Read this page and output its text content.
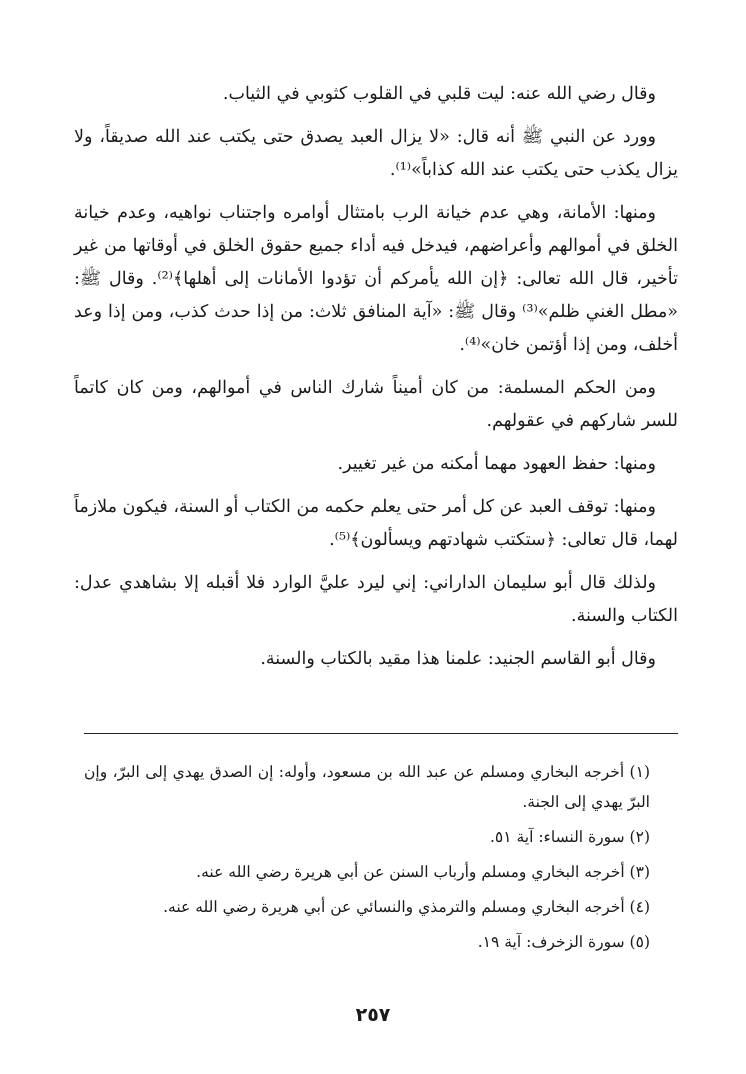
وقال رضي الله عنه: ليت قلبي في القلوب كثوبي في الثياب.

وورد عن النبي ﷺ أنه قال: «لا يزال العبد يصدق حتى يكتب عند الله صديقاً، ولا يزال يكذب حتى يكتب عند الله كذاباً»⁽¹⁾.

ومنها: الأمانة، وهي عدم خيانة الرب بامتثال أوامره واجتناب نواهيه، وعدم خيانة الخلق في أموالهم وأعراضهم، فيدخل فيه أداء جميع حقوق الخلق في أوقاتها من غير تأخير، قال الله تعالى: ﴿إن الله يأمركم أن تؤدوا الأمانات إلى أهلها﴾⁽²⁾. وقال ﷺ: «مطل الغني ظلم»⁽³⁾ وقال ﷺ: «آية المنافق ثلاث: من إذا حدث كذب، ومن إذا وعد أخلف، ومن إذا أؤتمن خان»⁽⁴⁾.

ومن الحكم المسلمة: من كان أميناً شارك الناس في أموالهم، ومن كان كاتماً للسر شاركهم في عقولهم.

ومنها: حفظ العهود مهما أمكنه من غير تغيير.

ومنها: توقف العبد عن كل أمر حتى يعلم حكمه من الكتاب أو السنة، فيكون ملازماً لهما، قال تعالى: ﴿ستكتب شهادتهم ويسألون﴾⁽⁵⁾.

ولذلك قال أبو سليمان الداراني: إني ليرد عليَّ الوارد فلا أقبله إلا بشاهدي عدل: الكتاب والسنة.

وقال أبو القاسم الجنيد: علمنا هذا مقيد بالكتاب والسنة.

(١) أخرجه البخاري ومسلم عن عبد الله بن مسعود، وأوله: إن الصدق يهدي إلى البرّ، وإن البرّ يهدي إلى الجنة.

(٢) سورة النساء: آية ٥١.

(٣) أخرجه البخاري ومسلم وأرباب السنن عن أبي هريرة رضي الله عنه.

(٤) أخرجه البخاري ومسلم والترمذي والنسائي عن أبي هريرة رضي الله عنه.

(٥) سورة الزخرف: آية ١٩.

٢٥٧
